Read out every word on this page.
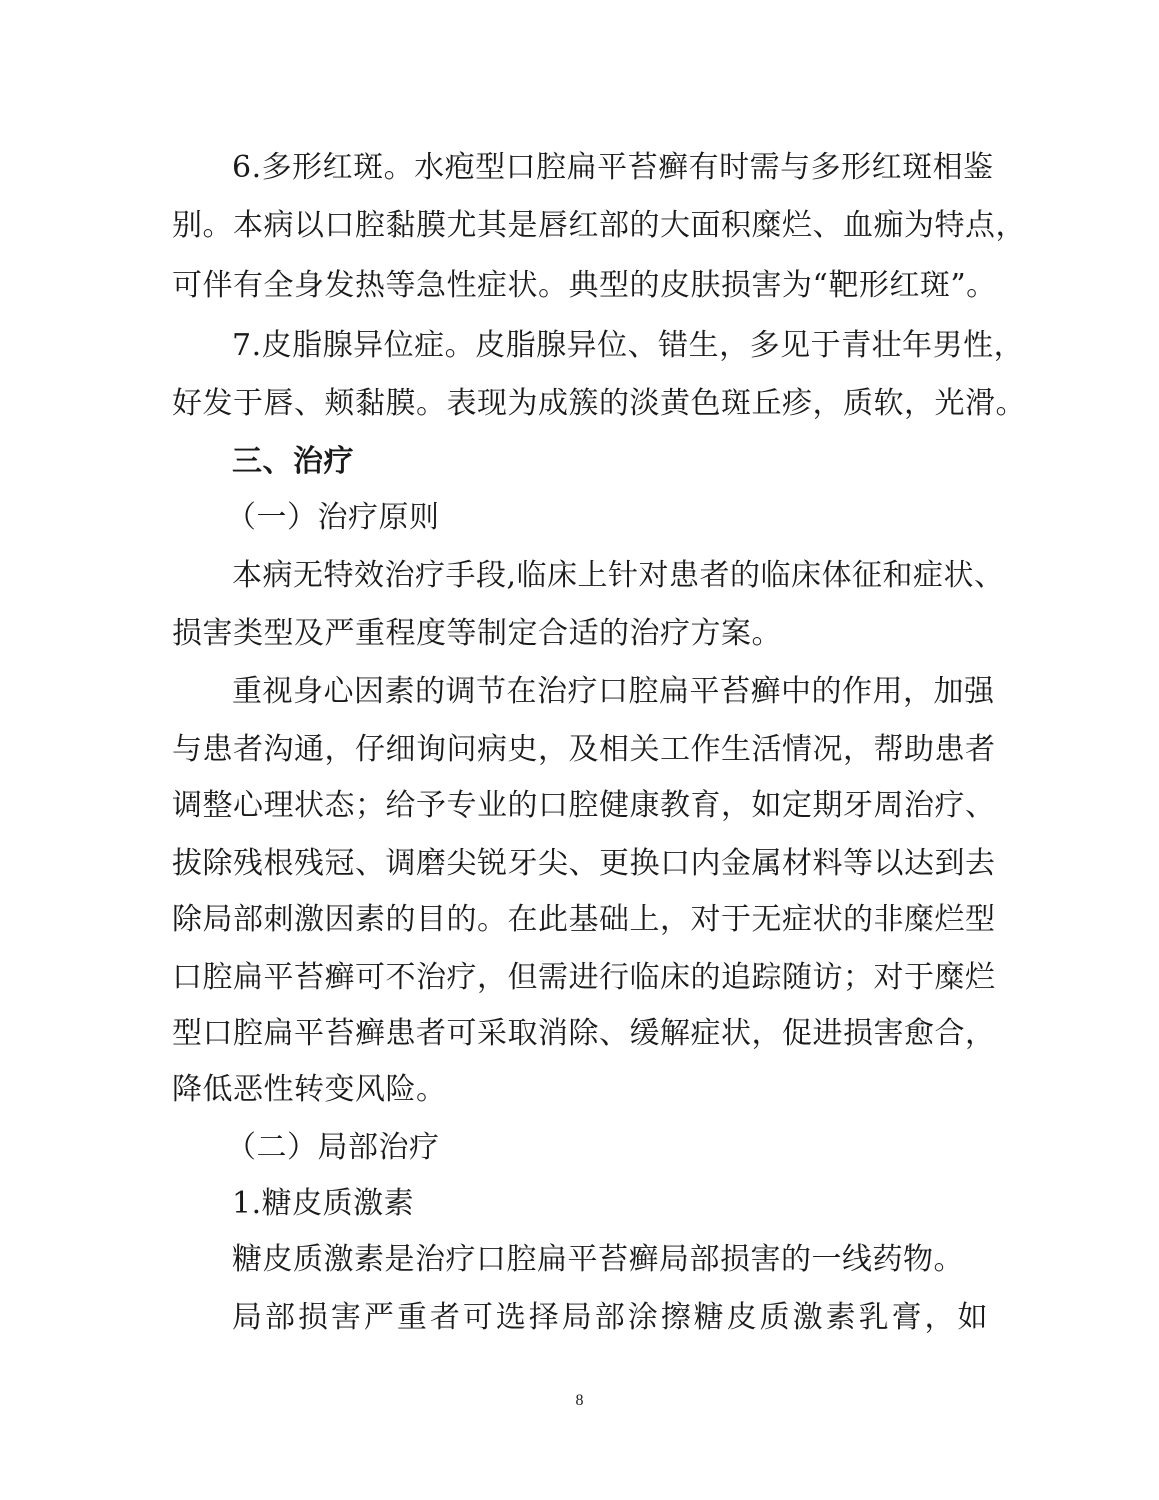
6.多形红斑。水疱型口腔扁平苔癣有时需与多形红斑相鉴
别。本病以口腔黏膜尤其是唇红部的大面积糜烂、血痂为特点，
可伴有全身发热等急性症状。典型的皮肤损害为“靶形红斑”。
7.皮脂腺异位症。皮脂腺异位、错生，多见于青壮年男性，
好发于唇、颊黏膜。表现为成簇的淡黄色斑丘疹，质软，光滑。
三、治疗
（一）治疗原则
本病无特效治疗手段,临床上针对患者的临床体征和症状、
损害类型及严重程度等制定合适的治疗方案。
重视身心因素的调节在治疗口腔扁平苔癣中的作用，加强
与患者沟通，仔细询问病史，及相关工作生活情况，帮助患者
调整心理状态；给予专业的口腔健康教育，如定期牙周治疗、
拔除残根残冠、调磨尖锐牙尖、更换口内金属材料等以达到去
除局部刺激因素的目的。在此基础上，对于无症状的非糜烂型
口腔扁平苔癣可不治疗，但需进行临床的追踪随访；对于糜烂
型口腔扁平苔癣患者可采取消除、缓解症状，促进损害愈合，
降低恶性转变风险。
（二）局部治疗
1.糖皮质激素
糖皮质激素是治疗口腔扁平苔癣局部损害的一线药物。
局部损害严重者可选择局部涂擦糖皮质激素乳膏，如
8
